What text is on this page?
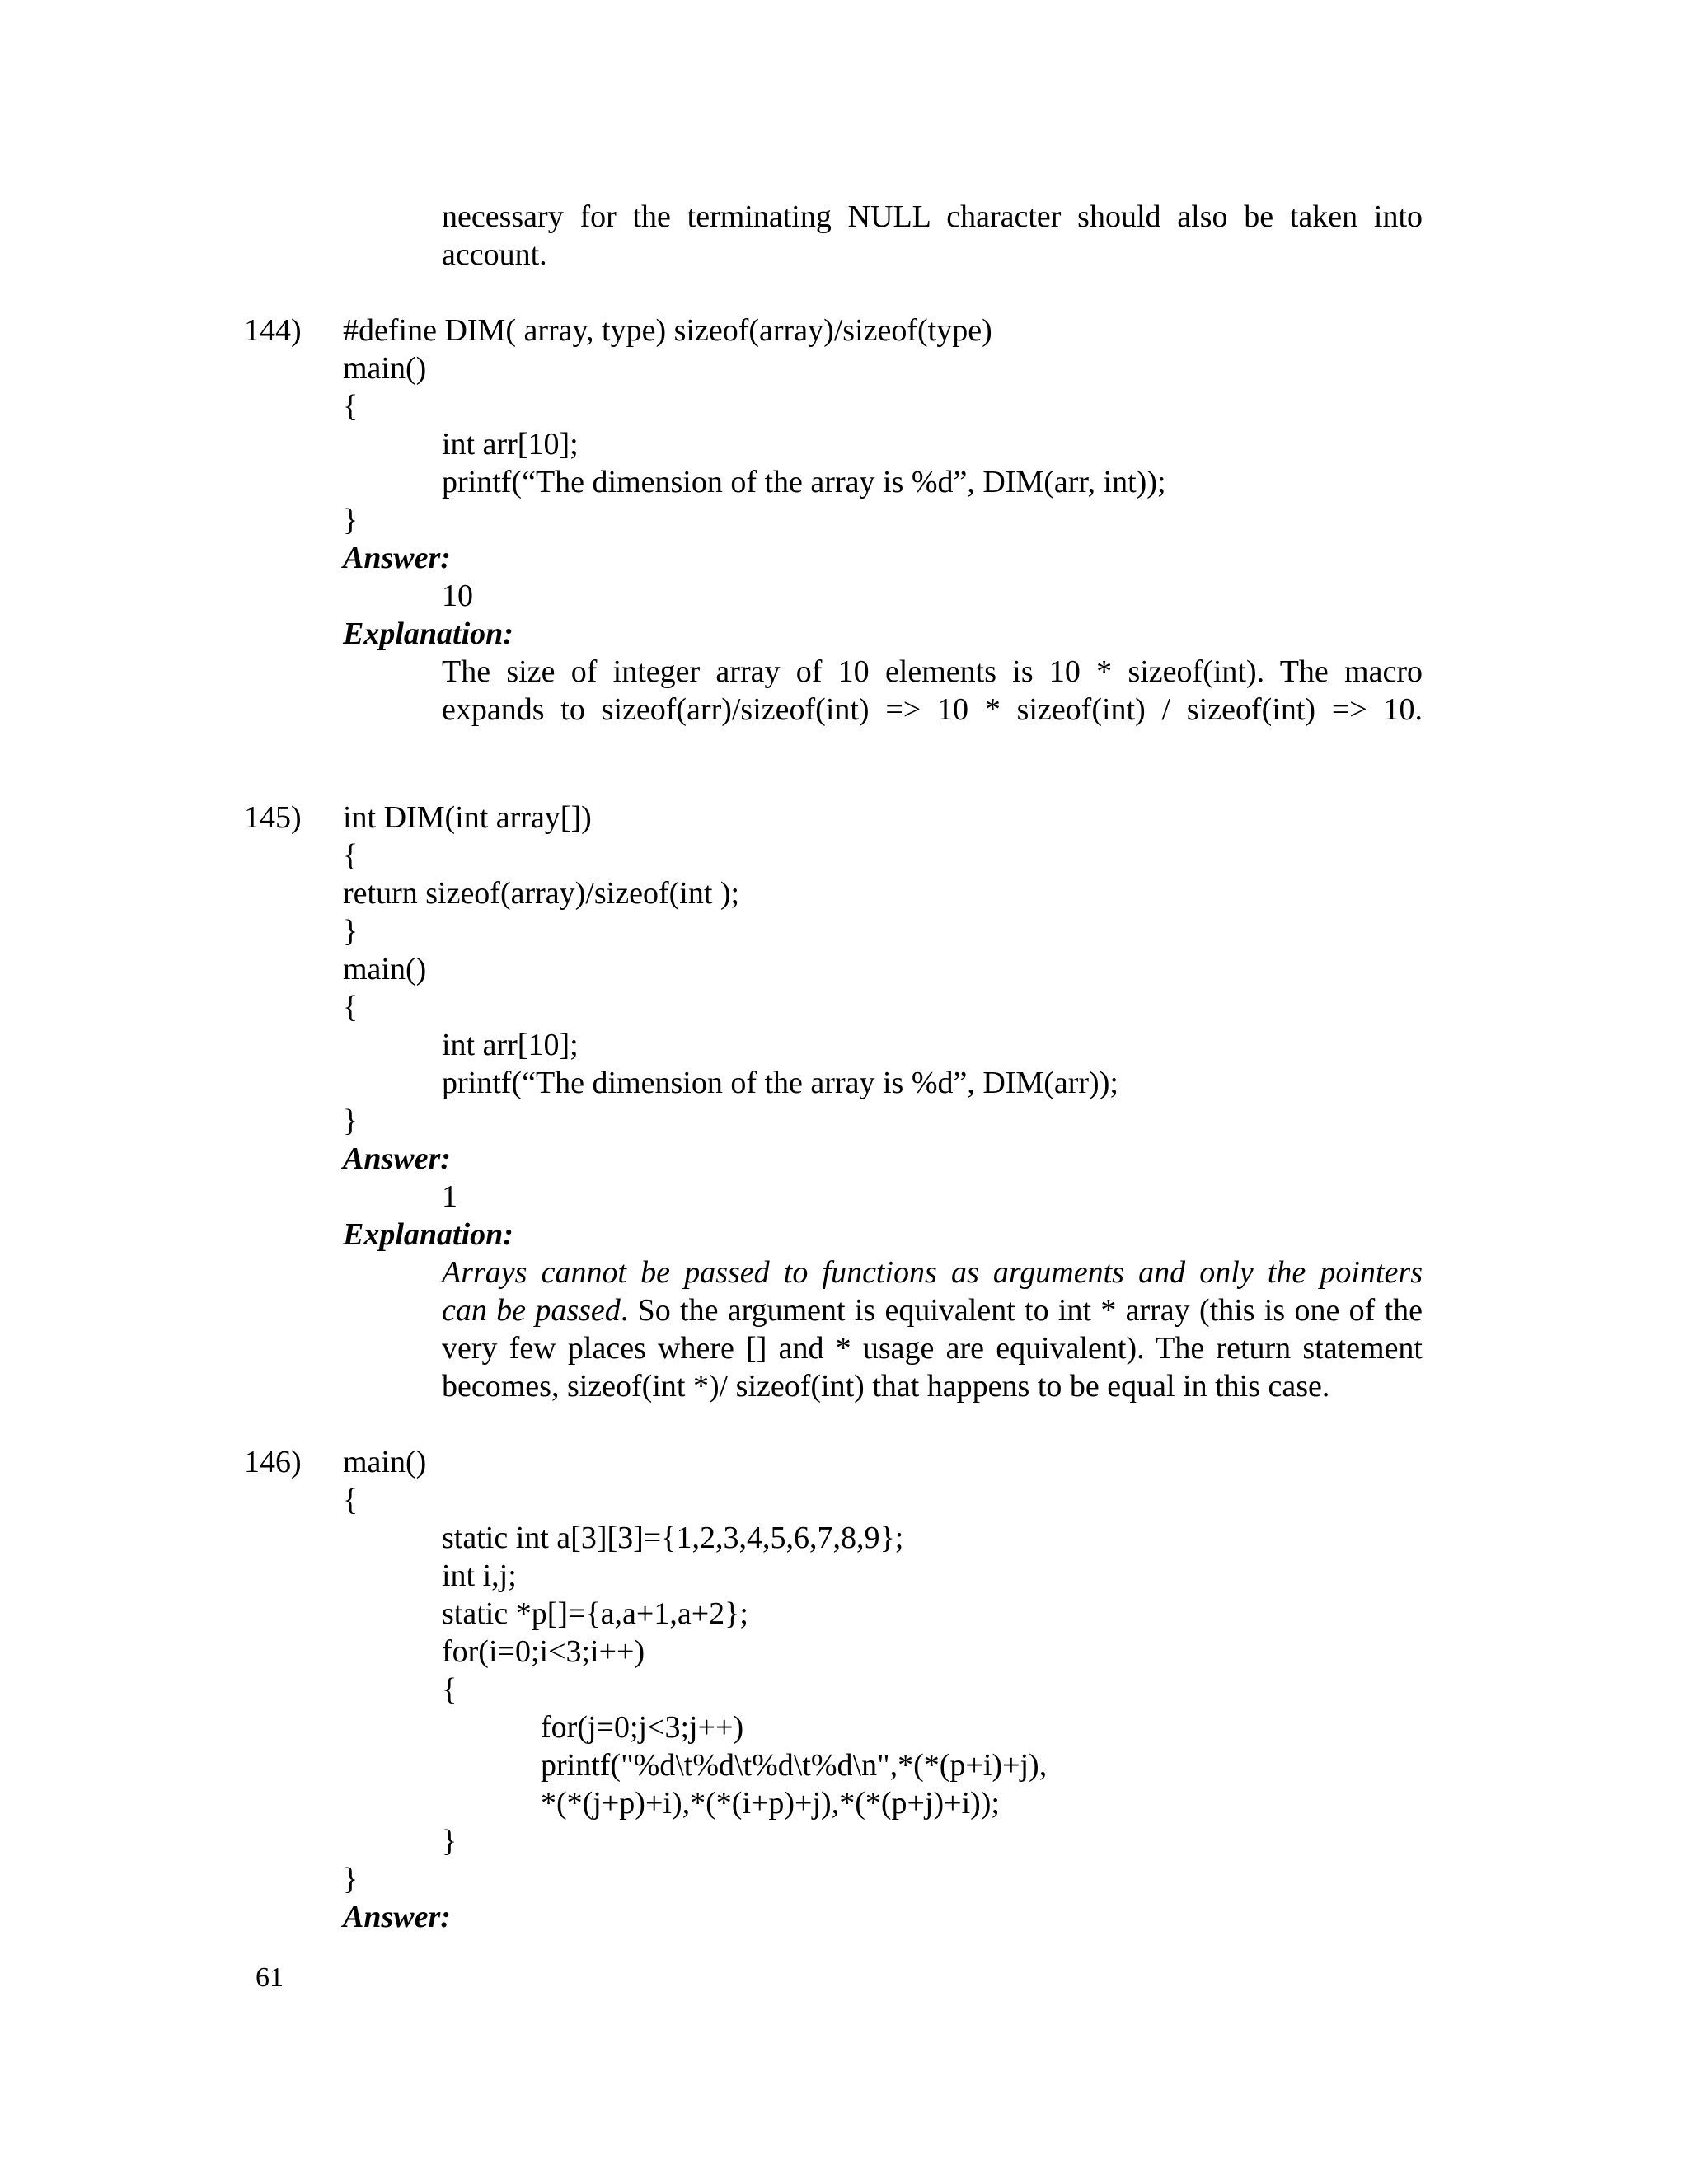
necessary for the terminating NULL character should also be taken into
account.
144) #define DIM( array, type) sizeof(array)/sizeof(type)
main()
{
int arr[10];
printf(“The dimension of the array is %d”, DIM(arr, int));
}
Answer:
10
Explanation:
The size of integer array of 10 elements is 10 * sizeof(int). The macro
expands to sizeof(arr)/sizeof(int) => 10 * sizeof(int) / sizeof(int) => 10.
145) int DIM(int array[])
{
return sizeof(array)/sizeof(int );
}
main()
{
int arr[10];
printf(“The dimension of the array is %d”, DIM(arr));
}
Answer:
1
Explanation:
Arrays cannot be passed to functions as arguments and only the pointers
can be passed. So the argument is equivalent to int * array (this is one of the
very few places where [] and * usage are equivalent). The return statement
becomes, sizeof(int *)/ sizeof(int) that happens to be equal in this case.
146) main()
{
static int a[3][3]={1,2,3,4,5,6,7,8,9};
int i,j;
static *p[]={a,a+1,a+2};
for(i=0;i<3;i++)
{
for(j=0;j<3;j++)
printf("%d\t%d\t%d\t%d\n",*(*(p+i)+j),
*(*(j+p)+i),*(*(i+p)+j),*(*(p+j)+i));
}
}
Answer:
61
